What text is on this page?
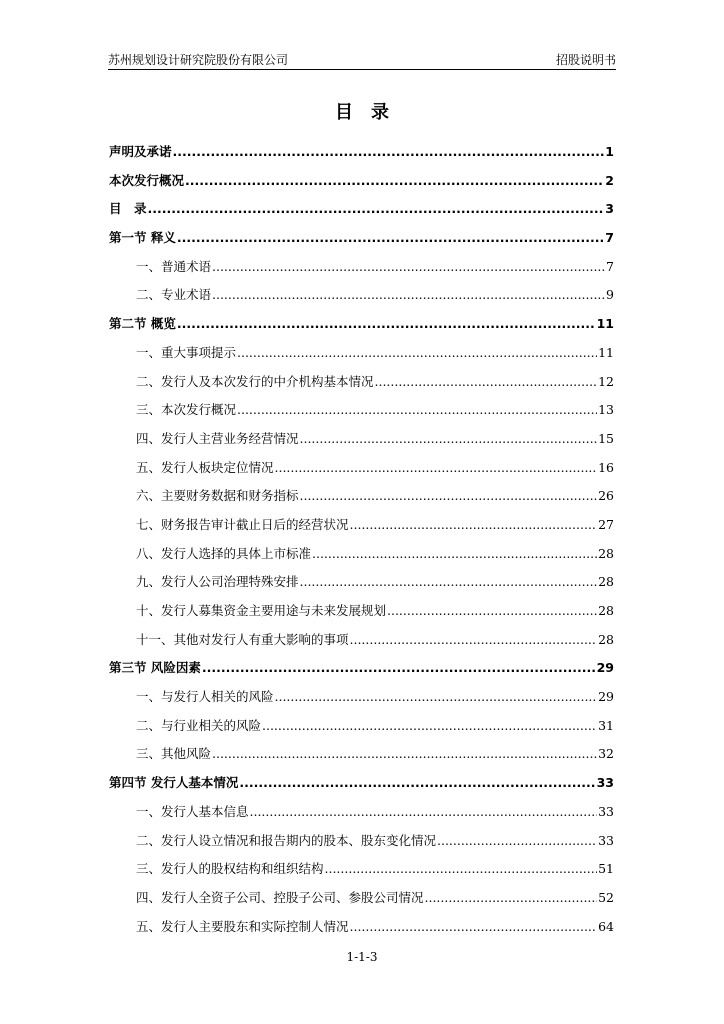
苏州规划设计研究院股份有限公司	招股说明书
目　录
声明及承诺 .....	1
本次发行概况 .....	2
目　录 .....	3
第一节 释义 .....	7
一、普通术语 .....	7
二、专业术语 .....	9
第二节 概览 .....	11
一、重大事项提示 .....	11
二、发行人及本次发行的中介机构基本情况 .....	12
三、本次发行概况 .....	13
四、发行人主营业务经营情况 .....	15
五、发行人板块定位情况 .....	16
六、主要财务数据和财务指标 .....	26
七、财务报告审计截止日后的经营状况 .....	27
八、发行人选择的具体上市标准 .....	28
九、发行人公司治理特殊安排 .....	28
十、发行人募集资金主要用途与未来发展规划 .....	28
十一、其他对发行人有重大影响的事项 .....	28
第三节 风险因素 .....	29
一、与发行人相关的风险 .....	29
二、与行业相关的风险 .....	31
三、其他风险 .....	32
第四节 发行人基本情况 .....	33
一、发行人基本信息 .....	33
二、发行人设立情况和报告期内的股本、股东变化情况 .....	33
三、发行人的股权结构和组织结构 .....	51
四、发行人全资子公司、控股子公司、参股公司情况 .....	52
五、发行人主要股东和实际控制人情况 .....	64
1-1-3
